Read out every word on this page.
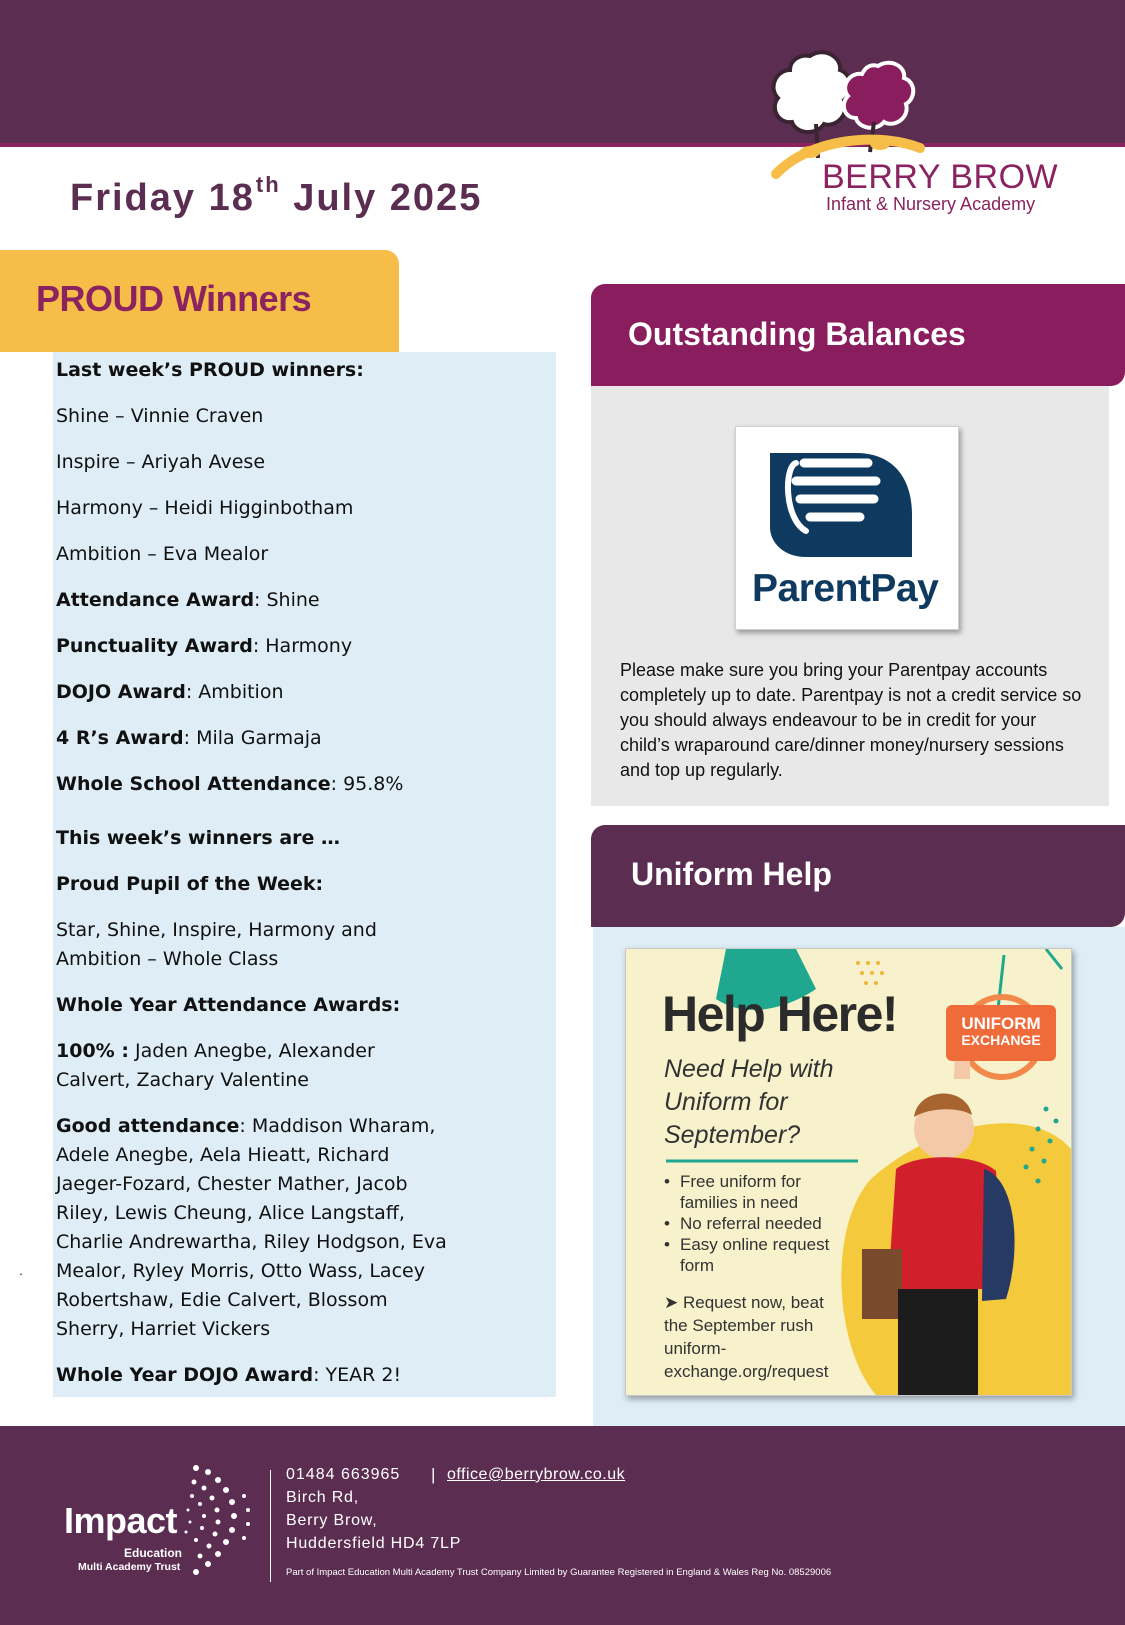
Friday 18th July 2025	BERRY BROW
Infant & Nursery Academy
PROUD Winners

Last week’s PROUD winners:

Shine – Vinnie Craven

Inspire – Ariyah Avese

Harmony – Heidi Higginbotham

Ambition – Eva Mealor

Attendance Award: Shine

Punctuality Award: Harmony

DOJO Award: Ambition

4 R’s Award: Mila Garmaja

Whole School Attendance: 95.8%

This week’s winners are …

Proud Pupil of the Week:

Star, Shine, Inspire, Harmony and Ambition – Whole Class

Whole Year Attendance Awards:

100% : Jaden Anegbe, Alexander Calvert, Zachary Valentine

Good attendance: Maddison Wharam, Adele Anegbe, Aela Hieatt, Richard Jaeger-Fozard, Chester Mather, Jacob Riley, Lewis Cheung, Alice Langstaff, Charlie Andrewartha, Riley Hodgson, Eva Mealor, Ryley Morris, Otto Wass, Lacey Robertshaw, Edie Calvert, Blossom Sherry, Harriet Vickers

Whole Year DOJO Award: YEAR 2!

.
Outstanding Balances
ParentPay
Please make sure you bring your Parentpay accounts completely up to date. Parentpay is not a credit service so you should always endeavour to be in credit for your child’s wraparound care/dinner money/nursery sessions and top up regularly.
Uniform Help
Help Here!	UNIFORM
EXCHANGE
Need Help with
Uniform for
September?
• Free uniform for
families in need
• No referral needed
• Easy online request
form
➤ Request now, beat
the September rush
uniform-
exchange.org/request
Impact
Education
Multi Academy Trust
01484 663965 | office@berrybrow.co.uk
Birch Rd,
Berry Brow,
Huddersfield HD4 7LP
Part of Impact Education Multi Academy Trust Company Limited by Guarantee Registered in England & Wales Reg No. 08529006
